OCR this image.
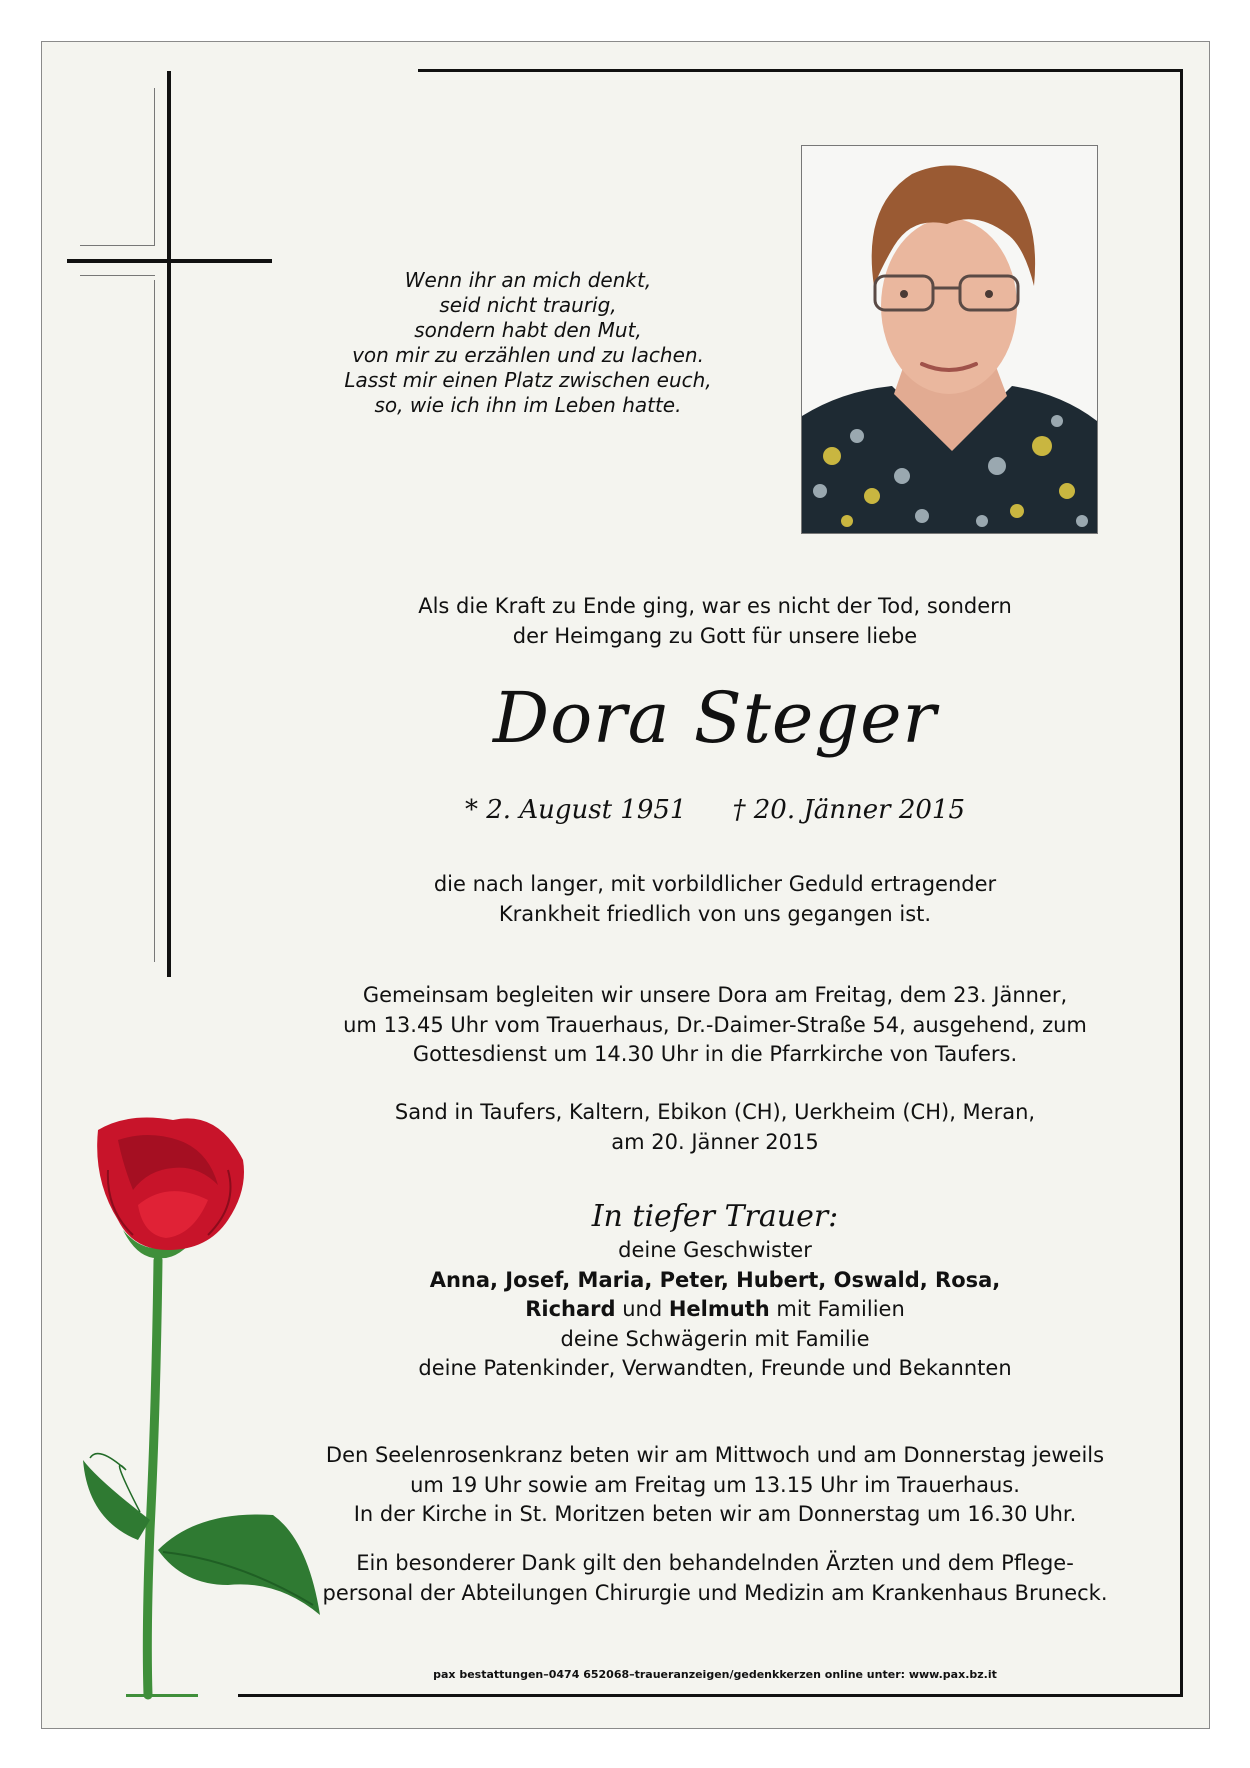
Wenn ihr an mich denkt,
seid nicht traurig,
sondern habt den Mut,
von mir zu erzählen und zu lachen.
Lasst mir einen Platz zwischen euch,
so, wie ich ihn im Leben hatte.
Als die Kraft zu Ende ging, war es nicht der Tod, sondern
der Heimgang zu Gott für unsere liebe
Dora Steger
* 2. August 1951 † 20. Jänner 2015
die nach langer, mit vorbildlicher Geduld ertragender
Krankheit friedlich von uns gegangen ist.
Gemeinsam begleiten wir unsere Dora am Freitag, dem 23. Jänner,
um 13.45 Uhr vom Trauerhaus, Dr.-Daimer-Straße 54, ausgehend, zum
Gottesdienst um 14.30 Uhr in die Pfarrkirche von Taufers.
Sand in Taufers, Kaltern, Ebikon (CH), Uerkheim (CH), Meran,
am 20. Jänner 2015
In tiefer Trauer:
deine Geschwister
Anna, Josef, Maria, Peter, Hubert, Oswald, Rosa,
Richard und Helmuth mit Familien
deine Schwägerin mit Familie
deine Patenkinder, Verwandten, Freunde und Bekannten
Den Seelenrosenkranz beten wir am Mittwoch und am Donnerstag jeweils
um 19 Uhr sowie am Freitag um 13.15 Uhr im Trauerhaus.
In der Kirche in St. Moritzen beten wir am Donnerstag um 16.30 Uhr.
Ein besonderer Dank gilt den behandelnden Ärzten und dem Pflege-
personal der Abteilungen Chirurgie und Medizin am Krankenhaus Bruneck.
pax bestattungen–0474 652068–traueranzeigen/gedenkkerzen online unter: www.pax.bz.it
